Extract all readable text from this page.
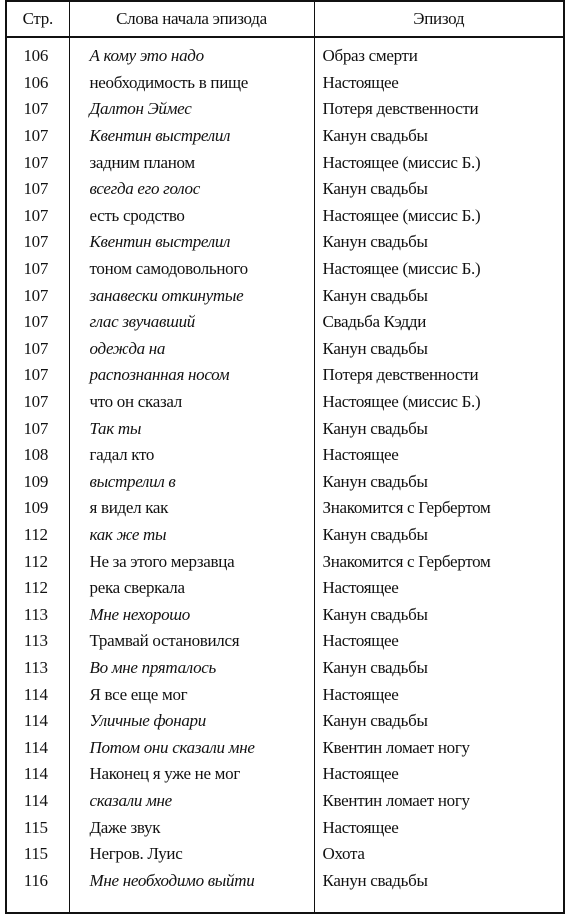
Стр.	Слова начала эпизода	Эпизод
106	А кому это надо	Образ смерти
106	необходимость в пище	Настоящее
107	Далтон Эймес	Потеря девственности
107	Квентин выстрелил	Канун свадьбы
107	задним планом	Настоящее (миссис Б.)
107	всегда его голос	Канун свадьбы
107	есть сродство	Настоящее (миссис Б.)
107	Квентин выстрелил	Канун свадьбы
107	тоном самодовольного	Настоящее (миссис Б.)
107	занавески откинутые	Канун свадьбы
107	глас звучавший	Свадьба Кэдди
107	одежда на	Канун свадьбы
107	распознанная носом	Потеря девственности
107	что он сказал	Настоящее (миссис Б.)
107	Так ты	Канун свадьбы
108	гадал кто	Настоящее
109	выстрелил в	Канун свадьбы
109	я видел как	Знакомится с Гербертом
112	как же ты	Канун свадьбы
112	Не за этого мерзавца	Знакомится с Гербертом
112	река сверкала	Настоящее
113	Мне нехорошо	Канун свадьбы
113	Трамвай остановился	Настоящее
113	Во мне пряталось	Канун свадьбы
114	Я все еще мог	Настоящее
114	Уличные фонари	Канун свадьбы
114	Потом они сказали мне	Квентин ломает ногу
114	Наконец я уже не мог	Настоящее
114	сказали мне	Квентин ломает ногу
115	Даже звук	Настоящее
115	Негров. Луис	Охота
116	Мне необходимо выйти	Канун свадьбы
